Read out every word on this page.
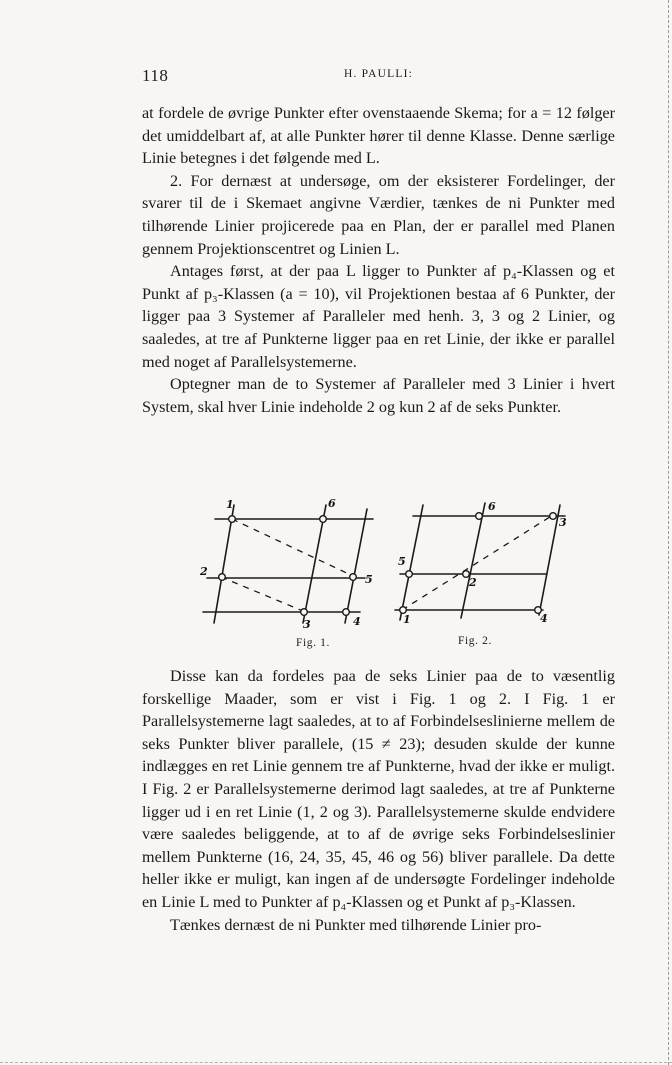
118	H. PAULLI:

at fordele de øvrige Punkter efter ovenstaaende Skema; for a = 12 følger det umiddelbart af, at alle Punkter hører til denne Klasse. Denne særlige Linie betegnes i det følgende med L.

2. For dernæst at undersøge, om der eksisterer Fordelinger, der svarer til de i Skemaet angivne Værdier, tænkes de ni Punkter med tilhørende Linier projicerede paa en Plan, der er parallel med Planen gennem Projektionscentret og Linien L.

Antages først, at der paa L ligger to Punkter af p₄-Klassen og et Punkt af p₃-Klassen (a = 10), vil Projektionen bestaa af 6 Punkter, der ligger paa 3 Systemer af Paralleler med henh. 3, 3 og 2 Linier, og saaledes, at tre af Punkterne ligger paa en ret Linie, der ikke er parallel med noget af Parallelsystemerne.

Optegner man de to Systemer af Paralleler med 3 Linier i hvert System, skal hver Linie indeholde 2 og kun 2 af de seks Punkter.

1	6
2
5
3	4	1
6
3
5
2
4
Fig. 1.	Fig. 2.

Disse kan da fordeles paa de seks Linier paa de to væsentlig forskellige Maader, som er vist i Fig. 1 og 2. I Fig. 1 er Parallelsystemerne lagt saaledes, at to af Forbindelseslinierne mellem de seks Punkter bliver parallele, (15 ≠ 23); desuden skulde der kunne indlægges en ret Linie gennem tre af Punkterne, hvad der ikke er muligt. I Fig. 2 er Parallelsystemerne derimod lagt saaledes, at tre af Punkterne ligger ud i en ret Linie (1, 2 og 3). Parallelsystemerne skulde endvidere være saaledes beliggende, at to af de øvrige seks Forbindelseslinier mellem Punkterne (16, 24, 35, 45, 46 og 56) bliver parallele. Da dette heller ikke er muligt, kan ingen af de undersøgte Fordelinger indeholde en Linie L med to Punkter af p₄-Klassen og et Punkt af p₃-Klassen.

Tænkes dernæst de ni Punkter med tilhørende Linier pro-
